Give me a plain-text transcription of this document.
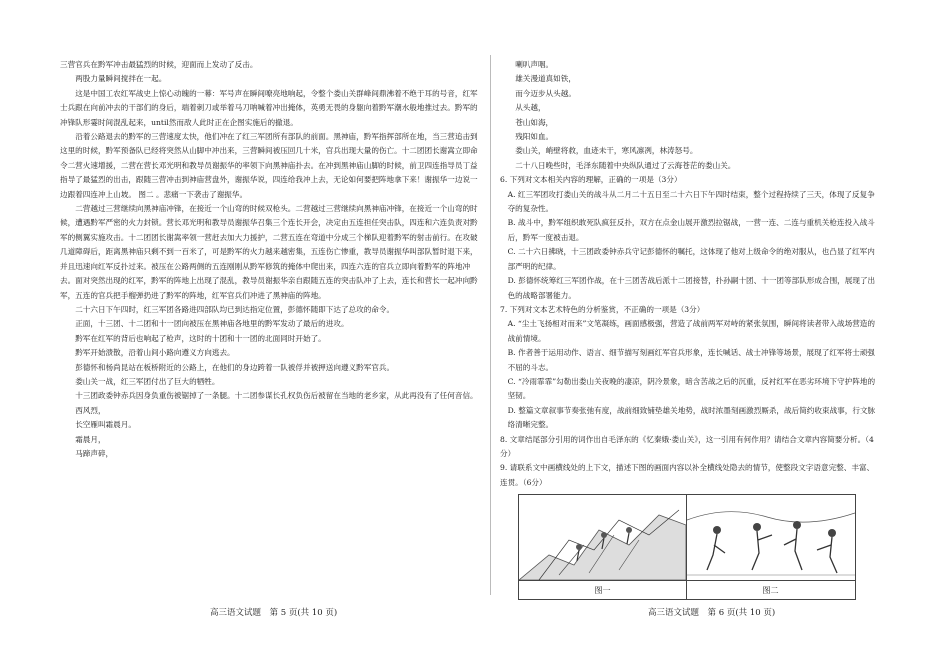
三营官兵在黔军冲击最猛烈的时候，迎面而上发动了反击。

两股力量瞬间搅拌在一起。

这是中国工农红军战史上惊心动魄的一幕：军号声在瞬间嘹亮地响起，令整个娄山关群峰间鼎沸着不绝于耳的号音，红军士兵跟在向前冲去的干部们的身后，端着刺刀或举着马刀呐喊着冲出掩体，英勇无畏的身躯向着黔军潮水般地推过去。黔军的冲锋队形霎时间混乱起来，until然而敌人此时正在企图实施后的撤退。

沿着公路退去的黔军的三营速度太快，他们冲在了红三军团所有部队的前面。黑神庙，黔军指挥部所在地，当三营追击到这里的时候，黔军预备队已经将突然从山脚中冲出来，三营瞬间被压回几十米，官兵出现大量的伤亡。十二团团长谢嵩立即命令二营火速增援，二营在营长邓光明和教导员谢振华的率领下向黑神庙扑去。在冲到黑神庙山脚的时候，前卫四连指导员丁益指导了最猛烈的出击，跟随三营冲击到神庙营盘外，谢振华说，四连给我冲上去，无论如何要把阵地拿下来！谢振华一边说一边跟着四连冲上山坡。 图二 。悲痛一下袭击了谢振华。

二营越过三营继续向黑神庙冲锋，在接近一个山弯的时候双枪头。二营越过三营继续向黑神庙冲锋，在接近一个山弯的时候，遭遇黔军严密的火力封锁。营长邓光明和教导员谢振华召集三个连长开会，决定由五连担任突击队，四连和六连负责对黔军的侧翼实施攻击。十二团团长谢嵩率领一营赶去加大力援护，二营五连在弯道中分成三个梯队迎着黔军的射击前行。在攻破几道障碍后，距离黑神庙只剩不到一百米了，可是黔军的火力越来越密集，五连伤亡惨重，教导员谢振华叫部队暂时退下来，并且迅速向红军反扑过来。被压在公路两侧的五连刚刚从黔军修筑的掩体中爬出来，四连六连的官兵立即向着黔军的阵地冲去。面对突然出现的红军，黔军的阵地上出现了混乱，教导员谢振华亲自跟随五连的突击队冲了上去，连长和营长一起冲向黔军，五连的官兵把手榴弹扔进了黔军的阵地，红军官兵们冲进了黑神庙的阵地。

二十六日下午四时，红三军团各路进四部队均已到达指定位置，彭德怀随即下达了总攻的命令。

正面，十三团、十二团和十一团向被压在黑神庙各地里的黔军发动了最后的进攻。

黔军在红军的背后也响起了枪声，这时的十团和十一团的北面同时开始了。

黔军开始溃散，沿着山间小路向遵义方向逃去。

彭德怀和杨尚昆站在板桥附近的公路上，在他们的身边跨着一队被俘并被押送向遵义黔军官兵。

娄山关一战，红三军团付出了巨大的牺牲。

十三团政委钟赤兵因身负重伤被锯掉了一条腿。十二团参谋长孔权负伤后被留在当地的老乡家，从此再没有了任何音信。

西风烈，

长空雁叫霜晨月。

霜晨月，

马蹄声碎，

喇叭声咽。

雄关漫道真如铁，

而今迈步从头越。

从头越，

苍山如海，

残阳如血。

娄山关，峭壁将救，血迹未干，寒风凛冽，林涛怒号。

二十八日晚些时，毛泽东随着中央纵队通过了云海苍茫的娄山关。

6. 下列对文本相关内容的理解，正确的一项是（3分）

A. 红三军团攻打娄山关的战斗从二月二十五日至二十六日下午四时结束，整个过程持续了三天，体现了反复争夺的复杂性。

B. 战斗中，黔军组织敢死队疯狂反扑，双方在点金山展开激烈拉锯战，一营一连、二连与重机关枪连投入战斗后，黔军一度被击退。

C. 二十六日拂晓，十三团政委钟赤兵守记彭德怀的嘱托，这体现了他对上级命令的绝对服从，也凸显了红军内部严明的纪律。

D. 彭德怀统筹红三军团作战，在十三团苦战后派十二团接替，扑孙嗣十团、十一团等部队形成合围，展现了出色的战略部署能力。

7. 下列对文本艺术特色的分析鉴赏，不正确的一项是（3分）

A. “尘土飞扬相对而来”文笔凝练，画面感极强，营造了战前两军对峙的紧张氛围，瞬间将读者带入战场营造的战前情境。

B. 作者善于运用动作、语言、细节描写刻画红军官兵形象，连长喊话、战士冲锋等场景，展现了红军将士顽强不屈的斗志。

C. “冷雨霏霏”勾勒出娄山关夜晚的凄凉，阴冷景象，暗含苦战之后的沉重，反衬红军在恶劣环境下守护阵地的坚韧。

D. 整篇文章叙事节奏张弛有度，战前细致铺垫雄关地势，战时浓墨刻画激烈厮杀，战后简约收束战事，行文脉络清晰完整。

8. 文章结尾部分引用的词作出自毛泽东的《忆秦娥·娄山关》，这一引用有何作用？请结合文章内容简要分析。（4分）

9. 请联系文中画横线处的上下文，描述下图的画面内容以补全横线处隐去的情节，使整段文字语意完整、丰富、连贯。（6分）

图一	图二
高三语文试题　第 5 页(共 10 页)	高三语文试题　第 6 页(共 10 页)
